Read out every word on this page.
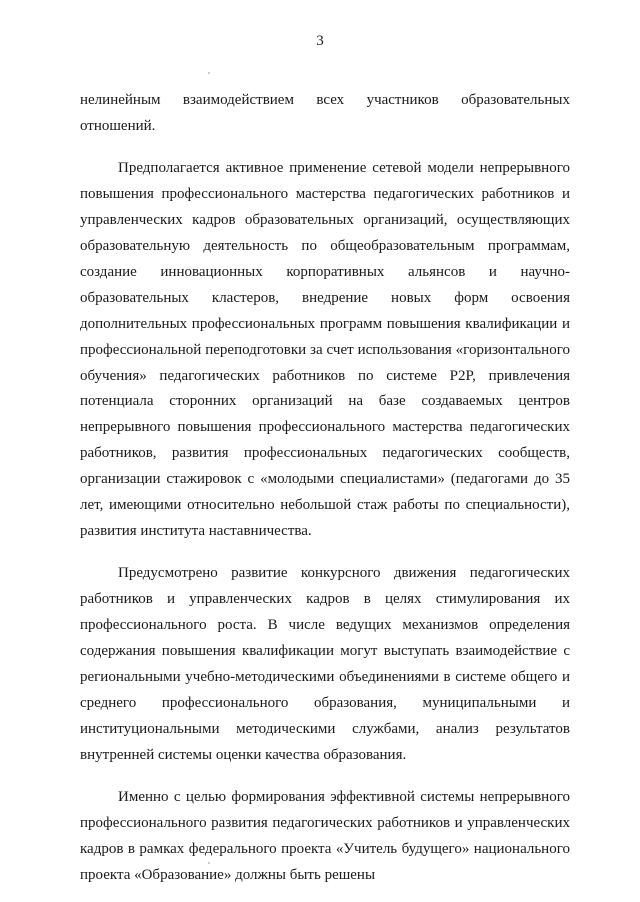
3

нелинейным взаимодействием всех участников образовательных отношений.

Предполагается активное применение сетевой модели непрерывного повышения профессионального мастерства педагогических работников и управленческих кадров образовательных организаций, осуществляющих образовательную деятельность по общеобразовательным программам, создание инновационных корпоративных альянсов и научно-образовательных кластеров, внедрение новых форм освоения дополнительных профессиональных программ повышения квалификации и профессиональной переподготовки за счет использования «горизонтального обучения» педагогических работников по системе P2P, привлечения потенциала сторонних организаций на базе создаваемых центров непрерывного повышения профессионального мастерства педагогических работников, развития профессиональных педагогических сообществ, организации стажировок с «молодыми специалистами» (педагогами до 35 лет, имеющими относительно небольшой стаж работы по специальности), развития института наставничества.

Предусмотрено развитие конкурсного движения педагогических работников и управленческих кадров в целях стимулирования их профессионального роста. В числе ведущих механизмов определения содержания повышения квалификации могут выступать взаимодействие с региональными учебно-методическими объединениями в системе общего и среднего профессионального образования, муниципальными и институциональными методическими службами, анализ результатов внутренней системы оценки качества образования.

Именно с целью формирования эффективной системы непрерывного профессионального развития педагогических работников и управленческих кадров в рамках федерального проекта «Учитель будущего» национального проекта «Образование» должны быть решены
